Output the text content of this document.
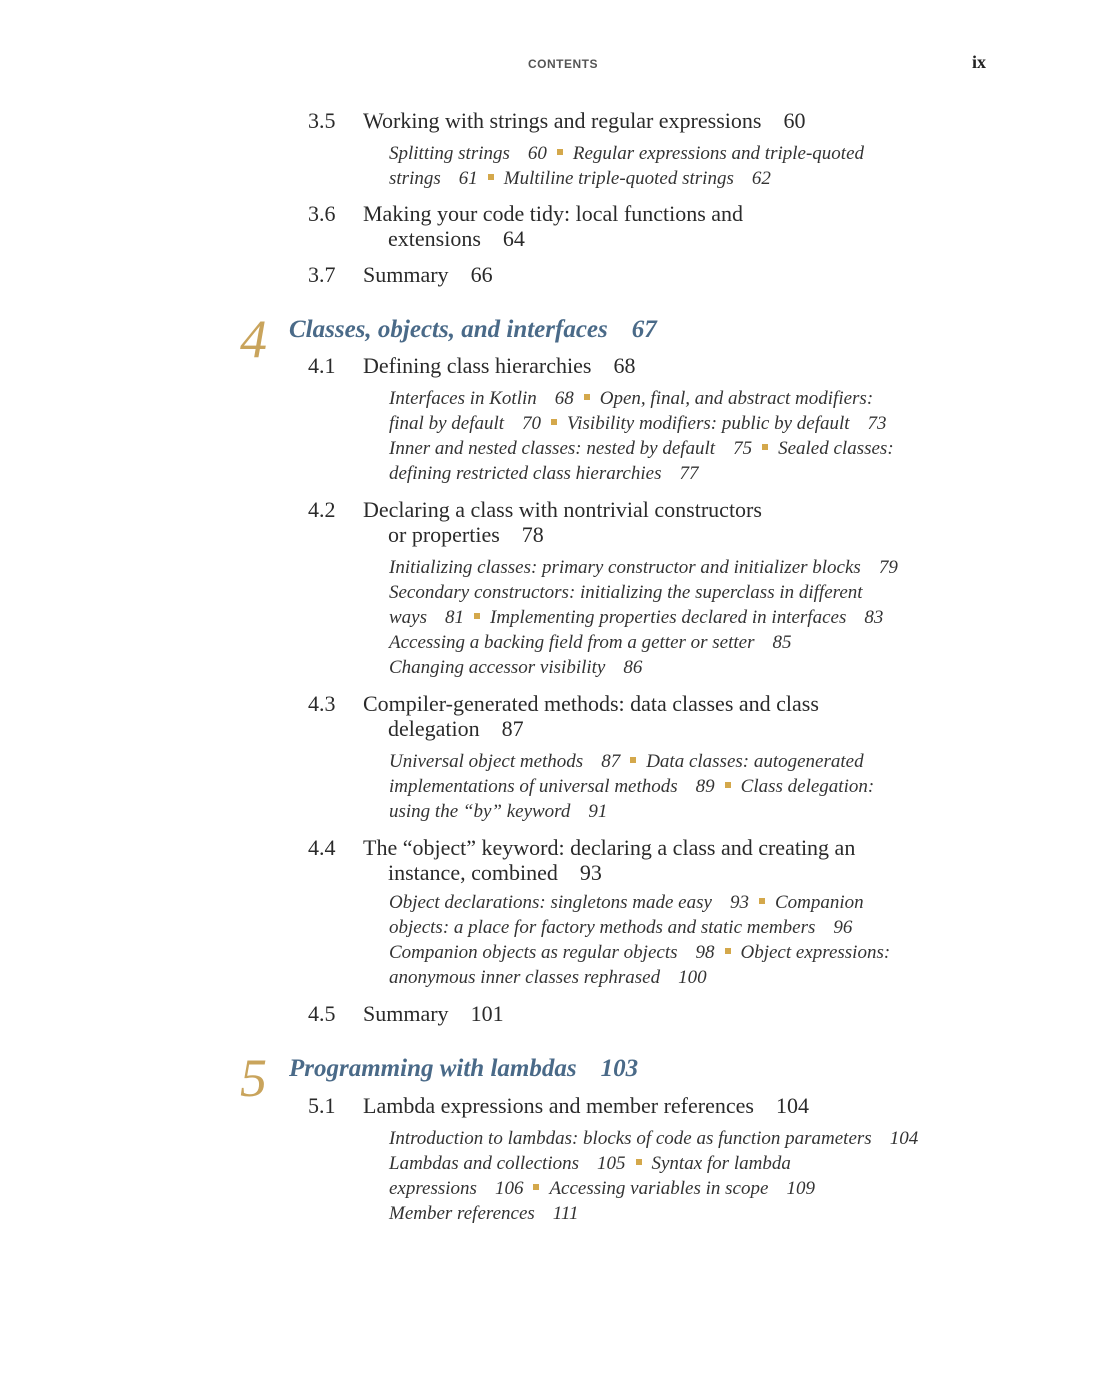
CONTENTS	ix
3.5 Working with strings and regular expressions 60
Splitting strings 60 Regular expressions and triple-quoted
strings 61 Multiline triple-quoted strings 62
3.6 Making your code tidy: local functions and
extensions 64
3.7 Summary 66
4 Classes, objects, and interfaces 67
4.1 Defining class hierarchies 68
Interfaces in Kotlin 68 Open, final, and abstract modifiers:
final by default 70 Visibility modifiers: public by default 73
Inner and nested classes: nested by default 75 Sealed classes:
defining restricted class hierarchies 77
4.2 Declaring a class with nontrivial constructors
or properties 78
Initializing classes: primary constructor and initializer blocks 79
Secondary constructors: initializing the superclass in different
ways 81 Implementing properties declared in interfaces 83
Accessing a backing field from a getter or setter 85
Changing accessor visibility 86
4.3 Compiler-generated methods: data classes and class
delegation 87
Universal object methods 87 Data classes: autogenerated
implementations of universal methods 89 Class delegation:
using the “by” keyword 91
4.4 The “object” keyword: declaring a class and creating an
instance, combined 93
Object declarations: singletons made easy 93 Companion
objects: a place for factory methods and static members 96
Companion objects as regular objects 98 Object expressions:
anonymous inner classes rephrased 100
4.5 Summary 101
5 Programming with lambdas 103
5.1 Lambda expressions and member references 104
Introduction to lambdas: blocks of code as function parameters 104
Lambdas and collections 105 Syntax for lambda
expressions 106 Accessing variables in scope 109
Member references 111
